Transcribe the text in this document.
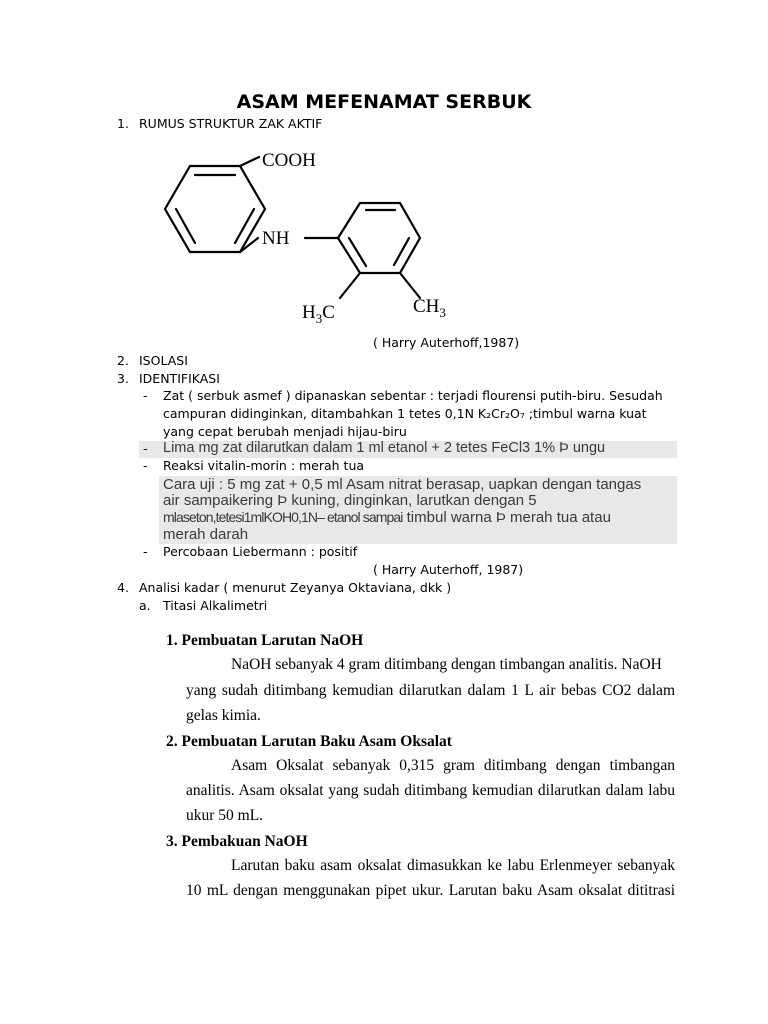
ASAM MEFENAMAT SERBUK
1. RUMUS STRUKTUR ZAK AKTIF
COOH
NH
$H_3C$	$CH_3$
( Harry Auterhoff,1987)
2. ISOLASI
3. IDENTIFIKASI
- Zat ( serbuk asmef ) dipanaskan sebentar : terjadi flourensi putih-biru. Sesudah
campuran didinginkan, ditambahkan 1 tetes 0,1N K₂Cr₂O₇ ;timbul warna kuat
yang cepat berubah menjadi hijau-biru
- Lima mg zat dilarutkan dalam 1 ml etanol + 2 tetes FeCl3 1% Þ ungu
- Reaksi vitalin-morin : merah tua
Cara uji : 5 mg zat + 0,5 ml Asam nitrat berasap, uapkan dengan tangas
air sampaikering Þ kuning, dinginkan, larutkan dengan 5
mlaseton,tetesi1mlKOH0,1N– etanol sampai timbul warna Þ merah tua atau
merah darah
- Percobaan Liebermann : positif
( Harry Auterhoff, 1987)
4. Analisi kadar ( menurut Zeyanya Oktaviana, dkk )
a. Titasi Alkalimetri
1. Pembuatan Larutan NaOH
NaOH sebanyak 4 gram ditimbang dengan timbangan analitis. NaOH
yang sudah ditimbang kemudian dilarutkan dalam 1 L air bebas CO2 dalam
gelas kimia.
2. Pembuatan Larutan Baku Asam Oksalat
Asam Oksalat sebanyak 0,315 gram ditimbang dengan timbangan
analitis. Asam oksalat yang sudah ditimbang kemudian dilarutkan dalam labu
ukur 50 mL.
3. Pembakuan NaOH
Larutan baku asam oksalat dimasukkan ke labu Erlenmeyer sebanyak
10 mL dengan menggunakan pipet ukur. Larutan baku Asam oksalat dititrasi
